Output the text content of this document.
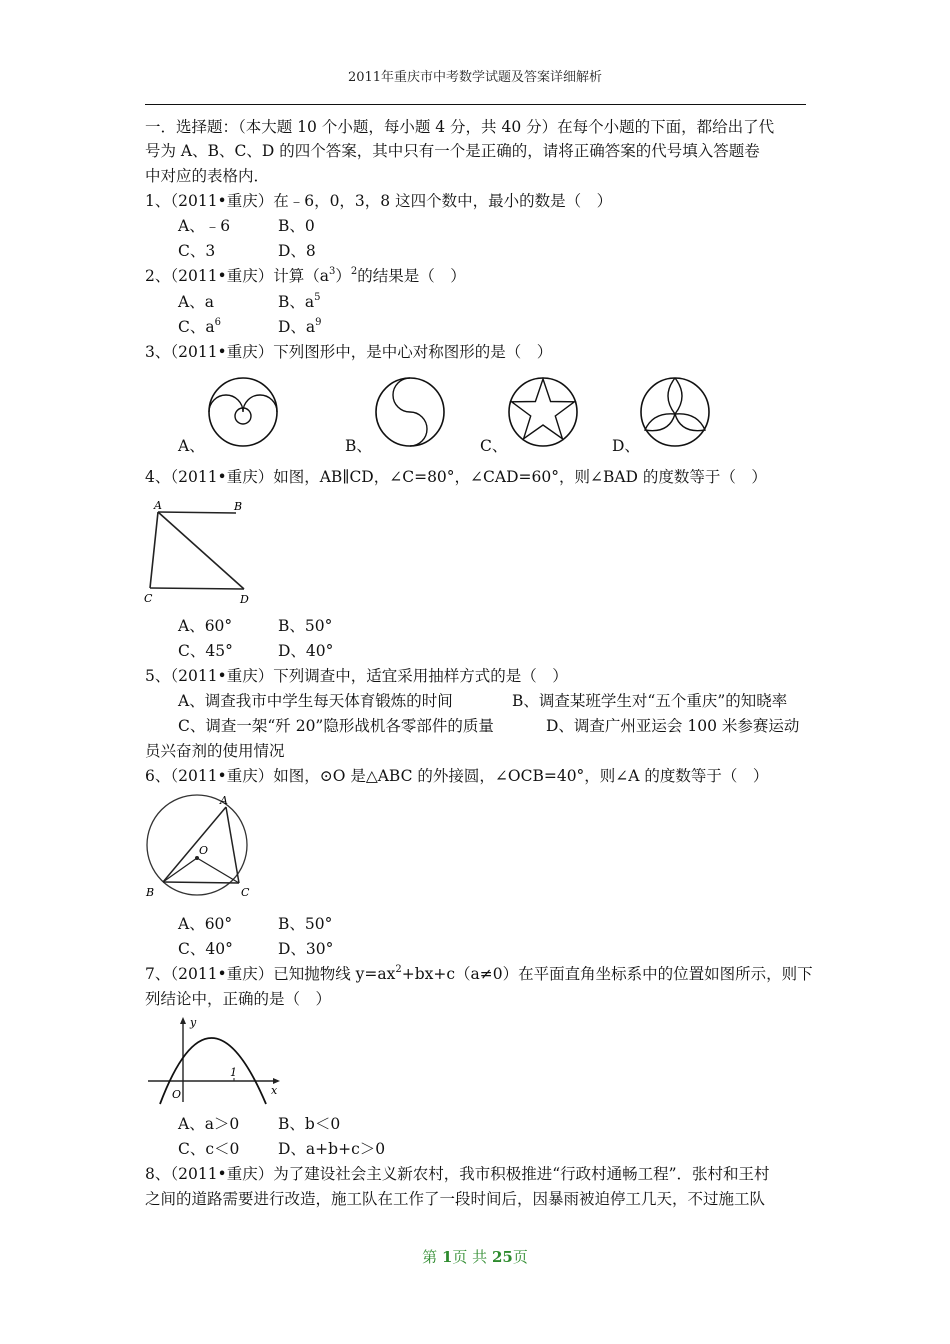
2011年重庆市中考数学试题及答案详细解析
一．选择题：（本大题 10 个小题，每小题 4 分，共 40 分）在每个小题的下面，都给出了代
号为 A、B、C、D 的四个答案，其中只有一个是正确的，请将正确答案的代号填入答题卷
中对应的表格内．
1、（2011•重庆）在﹣6，0，3，8 这四个数中，最小的数是（　）
A、﹣6	B、0
C、3	D、8
2、（2011•重庆）计算$(a^3)^2$的结果是（　）
A、a	B、$a^5$
C、$a^6$	D、$a^9$
3、（2011•重庆）下列图形中，是中心对称图形的是（　）
A、	B、	C、	D、
4、（2011•重庆）如图，AB∥CD，∠C=80°，∠CAD=60°，则∠BAD 的度数等于（　）
A	B
C	D
A、60°	B、50°
C、45°	D、40°
5、（2011•重庆）下列调查中，适宜采用抽样方式的是（　）
A、调查我市中学生每天体育锻炼的时间	B、调查某班学生对“五个重庆”的知晓率
C、调查一架“歼 20”隐形战机各零部件的质量	D、调查广州亚运会 100 米参赛运动
员兴奋剂的使用情况
6、（2011•重庆）如图，⊙O 是△ABC 的外接圆，∠OCB=40°，则∠A 的度数等于（　）
A
B	C
O
A、60°	B、50°
C、40°	D、30°
7、（2011•重庆）已知抛物线 $y=ax^2+bx+c(a\ne 0)$在平面直角坐标系中的位置如图所示，则下
列结论中，正确的是（　）
y
x
O
1
A、a＞0 B、b＜0
C、c＜0 D、a+b+c＞0
8、（2011•重庆）为了建设社会主义新农村，我市积极推进“行政村通畅工程”．张村和王村
之间的道路需要进行改造，施工队在工作了一段时间后，因暴雨被迫停工几天，不过施工队
第 1页 共 25页
